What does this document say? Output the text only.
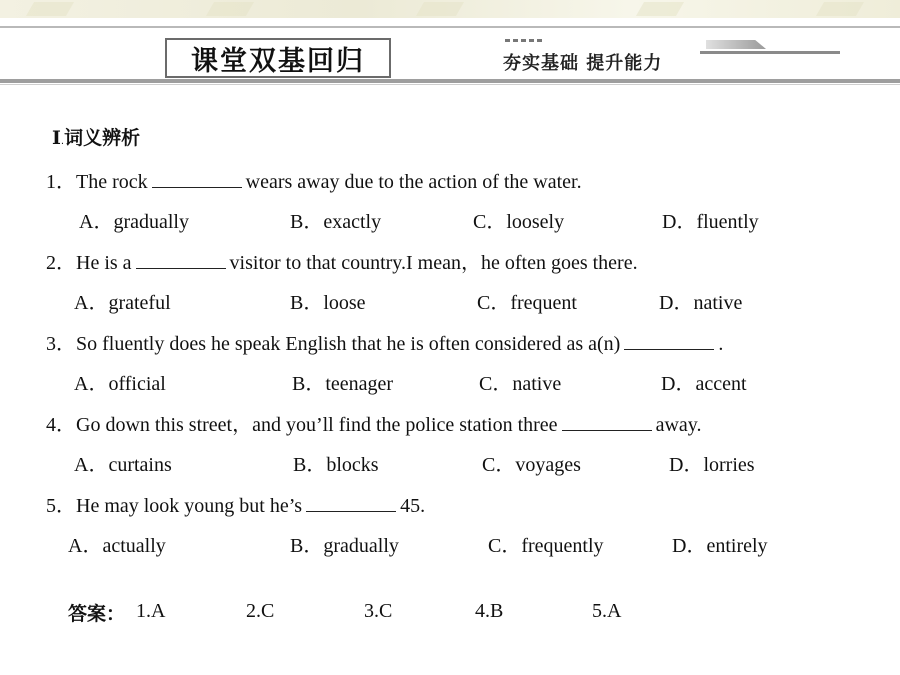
课堂双基回归	夯实基础 提升能力
Ⅰ.词义辨析
1．The rock	wears away due to the action of the water.
A．gradually	B．exactly	C．loosely	D．fluently
2．He is a	visitor to that country.I mean，he often goes there.
A．grateful	B．loose	C．frequent	D．native
3．So fluently does he speak English that he is often considered as a(n)	.
A．official	B．teenager	C．native	D．accent
4．Go down this street，and you’ll find the police station three	away.
A．curtains	B．blocks	C．voyages	D．lorries
5．He may look young but he’s	45.
A．actually	B．gradually	C．frequently	D．entirely
答案： 1.A	2.C	3.C	4.B	5.A
